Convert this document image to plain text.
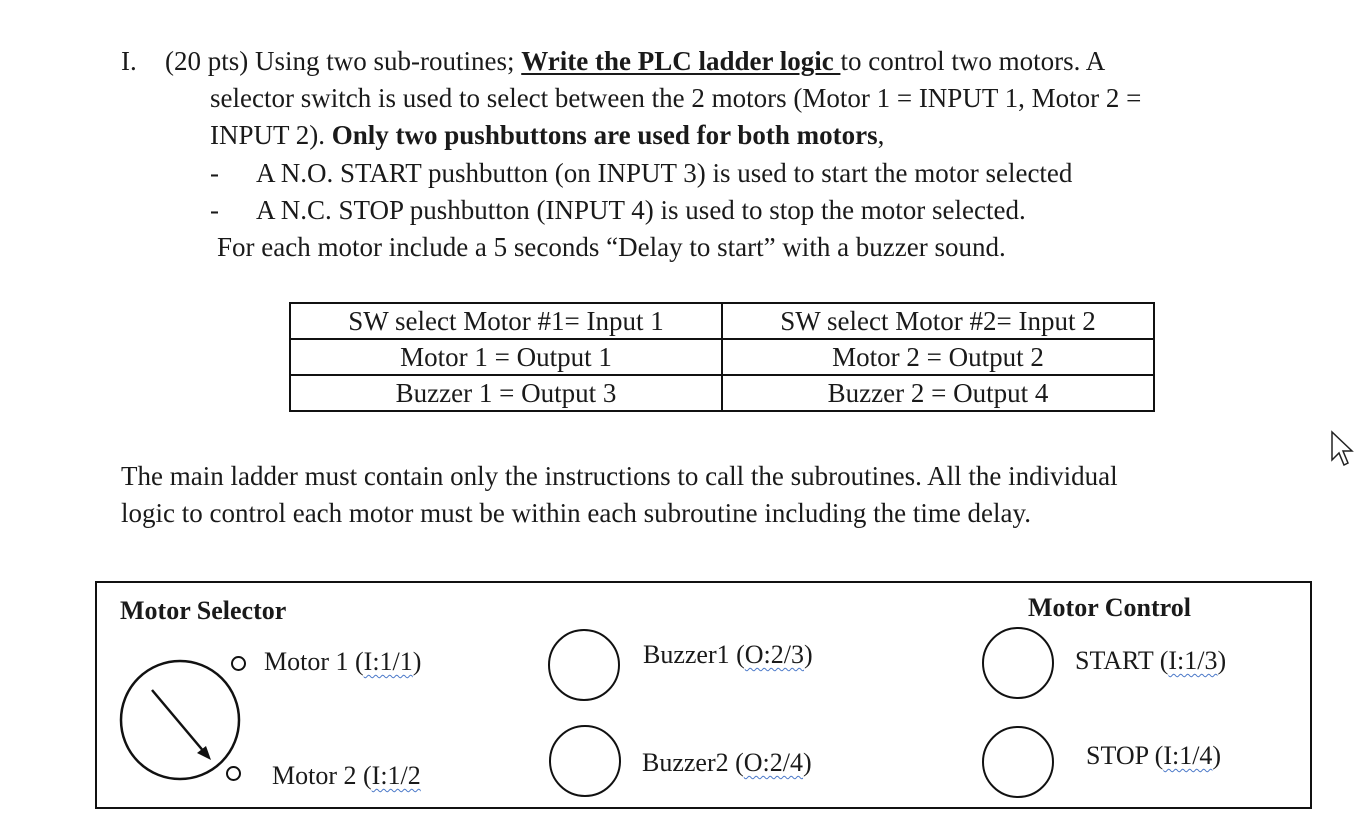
I. (20 pts) Using two sub-routines; Write the PLC ladder logic to control two motors. A
selector switch is used to select between the 2 motors (Motor 1 = INPUT 1, Motor 2 =
INPUT 2). Only two pushbuttons are used for both motors,
- A N.O. START pushbutton (on INPUT 3) is used to start the motor selected
- A N.C. STOP pushbutton (INPUT 4) is used to stop the motor selected.
For each motor include a 5 seconds “Delay to start” with a buzzer sound.
SW select Motor #1= Input 1	SW select Motor #2= Input 2
Motor 1 = Output 1	Motor 2 = Output 2
Buzzer 1 = Output 3	Buzzer 2 = Output 4
The main ladder must contain only the instructions to call the subroutines. All the individual
logic to control each motor must be within each subroutine including the time delay.
Motor Selector	Motor Control
Motor 1 (I:1/1)
Motor 2 (I:1/2
Buzzer1 (O:2/3)
Buzzer2 (O:2/4)
START (I:1/3)
STOP (I:1/4)
